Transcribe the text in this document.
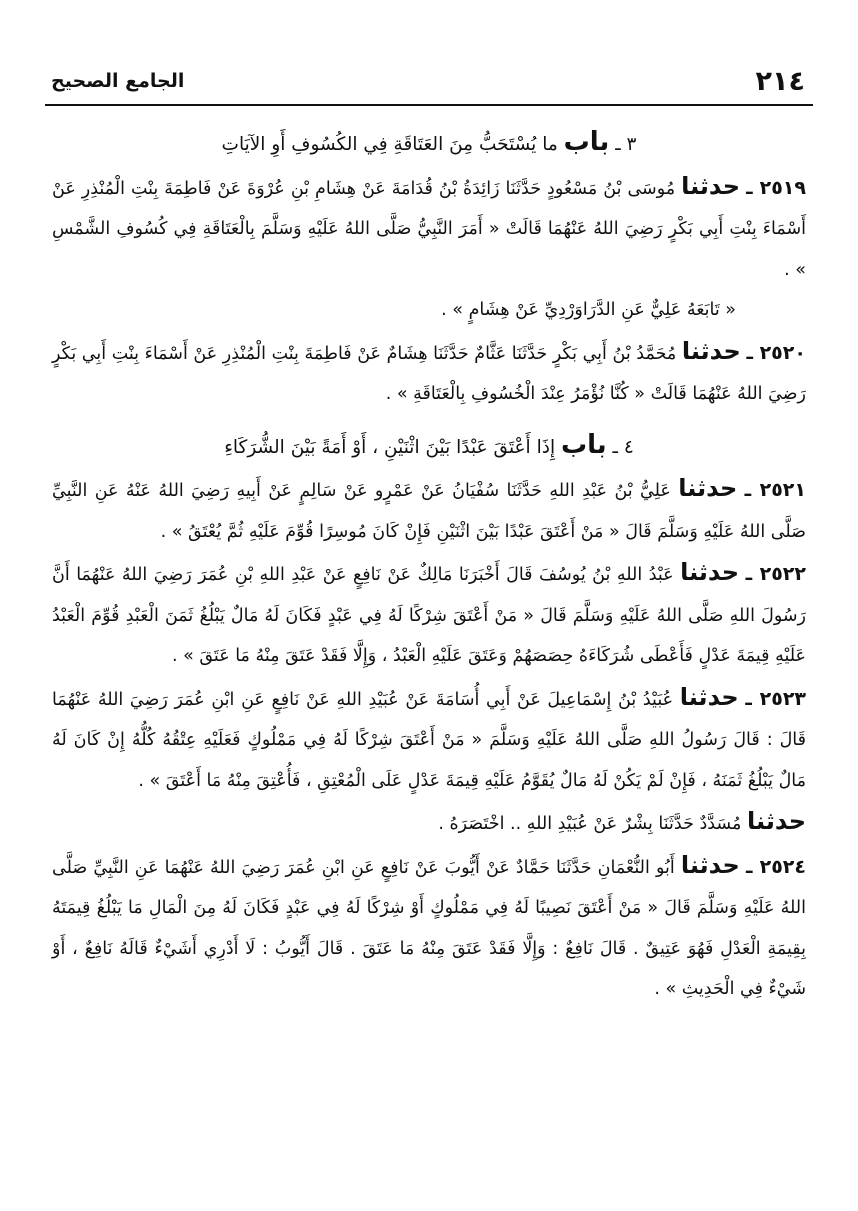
٢١٤
الجامع الصحيح

٣ ـ باب ما يُسْتَحَبُّ مِنَ العَتَاقَةِ فِي الكُسُوفِ أَوِ الآيَاتِ

٢٥١٩ ـ حدثنا مُوسَى بْنُ مَسْعُودٍ حَدَّثَنَا زَائِدَةُ بْنُ قُدَامَةَ عَنْ هِشَامِ بْنِ عُرْوَةَ عَنْ فَاطِمَةَ بِنْتِ الْمُنْذِرِ عَنْ أَسْمَاءَ بِنْتِ أَبِي بَكْرٍ رَضِيَ اللهُ عَنْهُمَا قَالَتْ « أَمَرَ النَّبِيُّ صَلَّى اللهُ عَلَيْهِ وَسَلَّمَ بِالْعَتَاقَةِ فِي كُسُوفِ الشَّمْسِ » .

« تَابَعَهُ عَلِيٌّ عَنِ الدَّرَاوَرْدِيِّ عَنْ هِشَامٍ » .

٢٥٢٠ ـ حدثنا مُحَمَّدُ بْنُ أَبِي بَكْرٍ حَدَّثَنَا عَثَّامٌ حَدَّثَنَا هِشَامٌ عَنْ فَاطِمَةَ بِنْتِ الْمُنْذِرِ عَنْ أَسْمَاءَ بِنْتِ أَبِي بَكْرٍ رَضِيَ اللهُ عَنْهُمَا قَالَتْ « كُنَّا نُؤْمَرُ عِنْدَ الْخُسُوفِ بِالْعَتَاقَةِ » .

٤ ـ باب إِذَا أَعْتَقَ عَبْدًا بَيْنَ اثْنَيْنِ ، أَوْ أَمَةً بَيْنَ الشُّرَكَاءِ

٢٥٢١ ـ حدثنا عَلِيُّ بْنُ عَبْدِ اللهِ حَدَّثَنَا سُفْيَانُ عَنْ عَمْرٍو عَنْ سَالِمٍ عَنْ أَبِيهِ رَضِيَ اللهُ عَنْهُ عَنِ النَّبِيِّ صَلَّى اللهُ عَلَيْهِ وَسَلَّمَ قَالَ « مَنْ أَعْتَقَ عَبْدًا بَيْنَ اثْنَيْنِ فَإِنْ كَانَ مُوسِرًا قُوِّمَ عَلَيْهِ ثُمَّ يُعْتَقُ » .

٢٥٢٢ ـ حدثنا عَبْدُ اللهِ بْنُ يُوسُفَ قَالَ أَخْبَرَنَا مَالِكٌ عَنْ نَافِعٍ عَنْ عَبْدِ اللهِ بْنِ عُمَرَ رَضِيَ اللهُ عَنْهُمَا أَنَّ رَسُولَ اللهِ صَلَّى اللهُ عَلَيْهِ وَسَلَّمَ قَالَ « مَنْ أَعْتَقَ شِرْكًا لَهُ فِي عَبْدٍ فَكَانَ لَهُ مَالٌ يَبْلُغُ ثَمَنَ الْعَبْدِ قُوِّمَ الْعَبْدُ عَلَيْهِ قِيمَةَ عَدْلٍ فَأَعْطَى شُرَكَاءَهُ حِصَصَهُمْ وَعَتَقَ عَلَيْهِ الْعَبْدُ ، وَإِلَّا فَقَدْ عَتَقَ مِنْهُ مَا عَتَقَ » .

٢٥٢٣ ـ حدثنا عُبَيْدُ بْنُ إِسْمَاعِيلَ عَنْ أَبِي أُسَامَةَ عَنْ عُبَيْدِ اللهِ عَنْ نَافِعٍ عَنِ ابْنِ عُمَرَ رَضِيَ اللهُ عَنْهُمَا قَالَ : قَالَ رَسُولُ اللهِ صَلَّى اللهُ عَلَيْهِ وَسَلَّمَ « مَنْ أَعْتَقَ شِرْكًا لَهُ فِي مَمْلُوكٍ فَعَلَيْهِ عِتْقُهُ كُلُّهُ إِنْ كَانَ لَهُ مَالٌ يَبْلُغُ ثَمَنَهُ ، فَإِنْ لَمْ يَكُنْ لَهُ مَالٌ يُقَوَّمُ عَلَيْهِ قِيمَةَ عَدْلٍ عَلَى الْمُعْتِقِ ، فَأُعْتِقَ مِنْهُ مَا أَعْتَقَ » .

حدثنا مُسَدَّدٌ حَدَّثَنَا بِشْرٌ عَنْ عُبَيْدِ اللهِ .. اخْتَصَرَهُ .

٢٥٢٤ ـ حدثنا أَبُو النُّعْمَانِ حَدَّثَنَا حَمَّادٌ عَنْ أَيُّوبَ عَنْ نَافِعٍ عَنِ ابْنِ عُمَرَ رَضِيَ اللهُ عَنْهُمَا عَنِ النَّبِيِّ صَلَّى اللهُ عَلَيْهِ وَسَلَّمَ قَالَ « مَنْ أَعْتَقَ نَصِيبًا لَهُ فِي مَمْلُوكٍ أَوْ شِرْكًا لَهُ فِي عَبْدٍ فَكَانَ لَهُ مِنَ الْمَالِ مَا يَبْلُغُ قِيمَتَهُ بِقِيمَةِ الْعَدْلِ فَهُوَ عَتِيقٌ . قَالَ نَافِعٌ : وَإِلَّا فَقَدْ عَتَقَ مِنْهُ مَا عَتَقَ . قَالَ أَيُّوبُ : لَا أَدْرِي أَشَيْءٌ قَالَهُ نَافِعٌ ، أَوْ شَيْءٌ فِي الْحَدِيثِ » .
